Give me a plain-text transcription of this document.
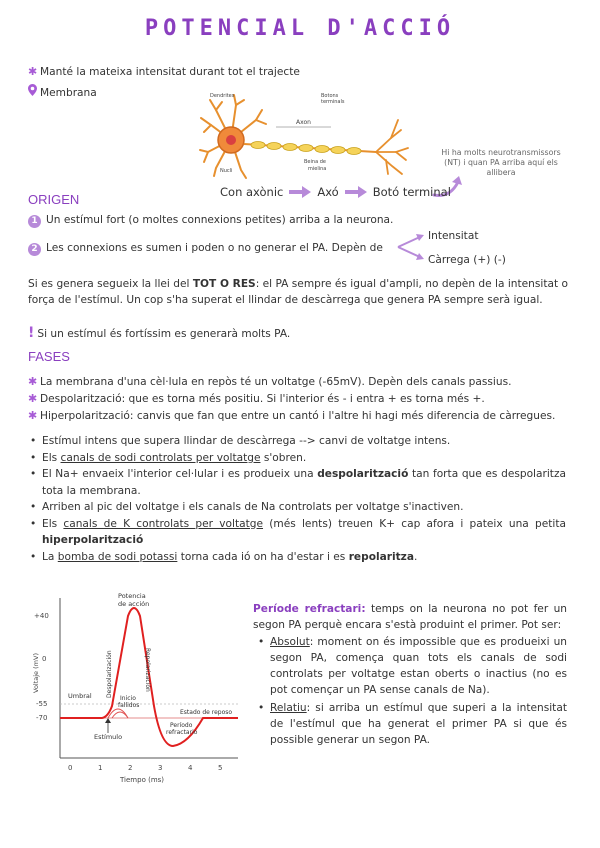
POTENCIAL D'ACCIÓ
✱ Manté la mateixa intensitat durant tot el trajecte
Membrana	Dendrites	Botons
terminals
Axon
Nucli
Beina de
mielina
Hi ha molts neurotransmissors (NT) i quan PA arriba aquí els allibera
Con axònic	Axó	Botó terminal
ORIGEN
1 Un estímul fort (o moltes connexions petites) arriba a la neurona.
2 Les connexions es sumen i poden o no generar el PA. Depèn de
Intensitat
Càrrega (+) (-)
Si es genera segueix la llei del TOT O RES: el PA sempre és igual d'ampli, no depèn de la intensitat o força de l'estímul. Un cop s'ha superat el llindar de descàrrega que genera PA sempre serà igual.
! Si un estímul és fortíssim es generarà molts PA.
FASES
✱ La membrana d'una cèl·lula en repòs té un voltatge (-65mV). Depèn dels canals passius.
✱ Despolarització: que es torna més positiu. Si l'interior és - i entra + es torna més +.
✱ Hiperpolarització: canvis que fan que entre un cantó i l'altre hi hagi més diferencia de càrregues.
• Estímul intens que supera llindar de descàrrega --> canvi de voltatge intens.
• Els canals de sodi controlats per voltatge s'obren.
• El Na+ envaeix l'interior cel·lular i es produeix una despolarització tan forta que es despolaritza tota la membrana.
• Arriben al pic del voltatge i els canals de Na controlats per voltatge s'inactiven.
• Els canals de K controlats per voltatge (més lents) treuen K+ cap afora i pateix una petita hiperpolarització
• La bomba de sodi potassi torna cada ió on ha d'estar i es repolaritza.
+40
0
-55
-70
0	1	2	3	4	5
Voltaje (mV)
Tiempo (ms)
Potencia
de acción
Umbral	Inicio
fallidos
Estímulo
Despolarización	Repolarización
Estado de reposo
Período
refractario
Període refractari: temps on la neurona no pot fer un segon PA perquè encara s'està produint el primer. Pot ser:
• Absolut: moment on és impossible que es produeixi un segon PA, comença quan tots els canals de sodi controlats per voltatge estan oberts o inactius (no es pot començar un PA sense canals de Na).
• Relatiu: si arriba un estímul que superi a la intensitat de l'estímul que ha generat el primer PA si que és possible generar un segon PA.
